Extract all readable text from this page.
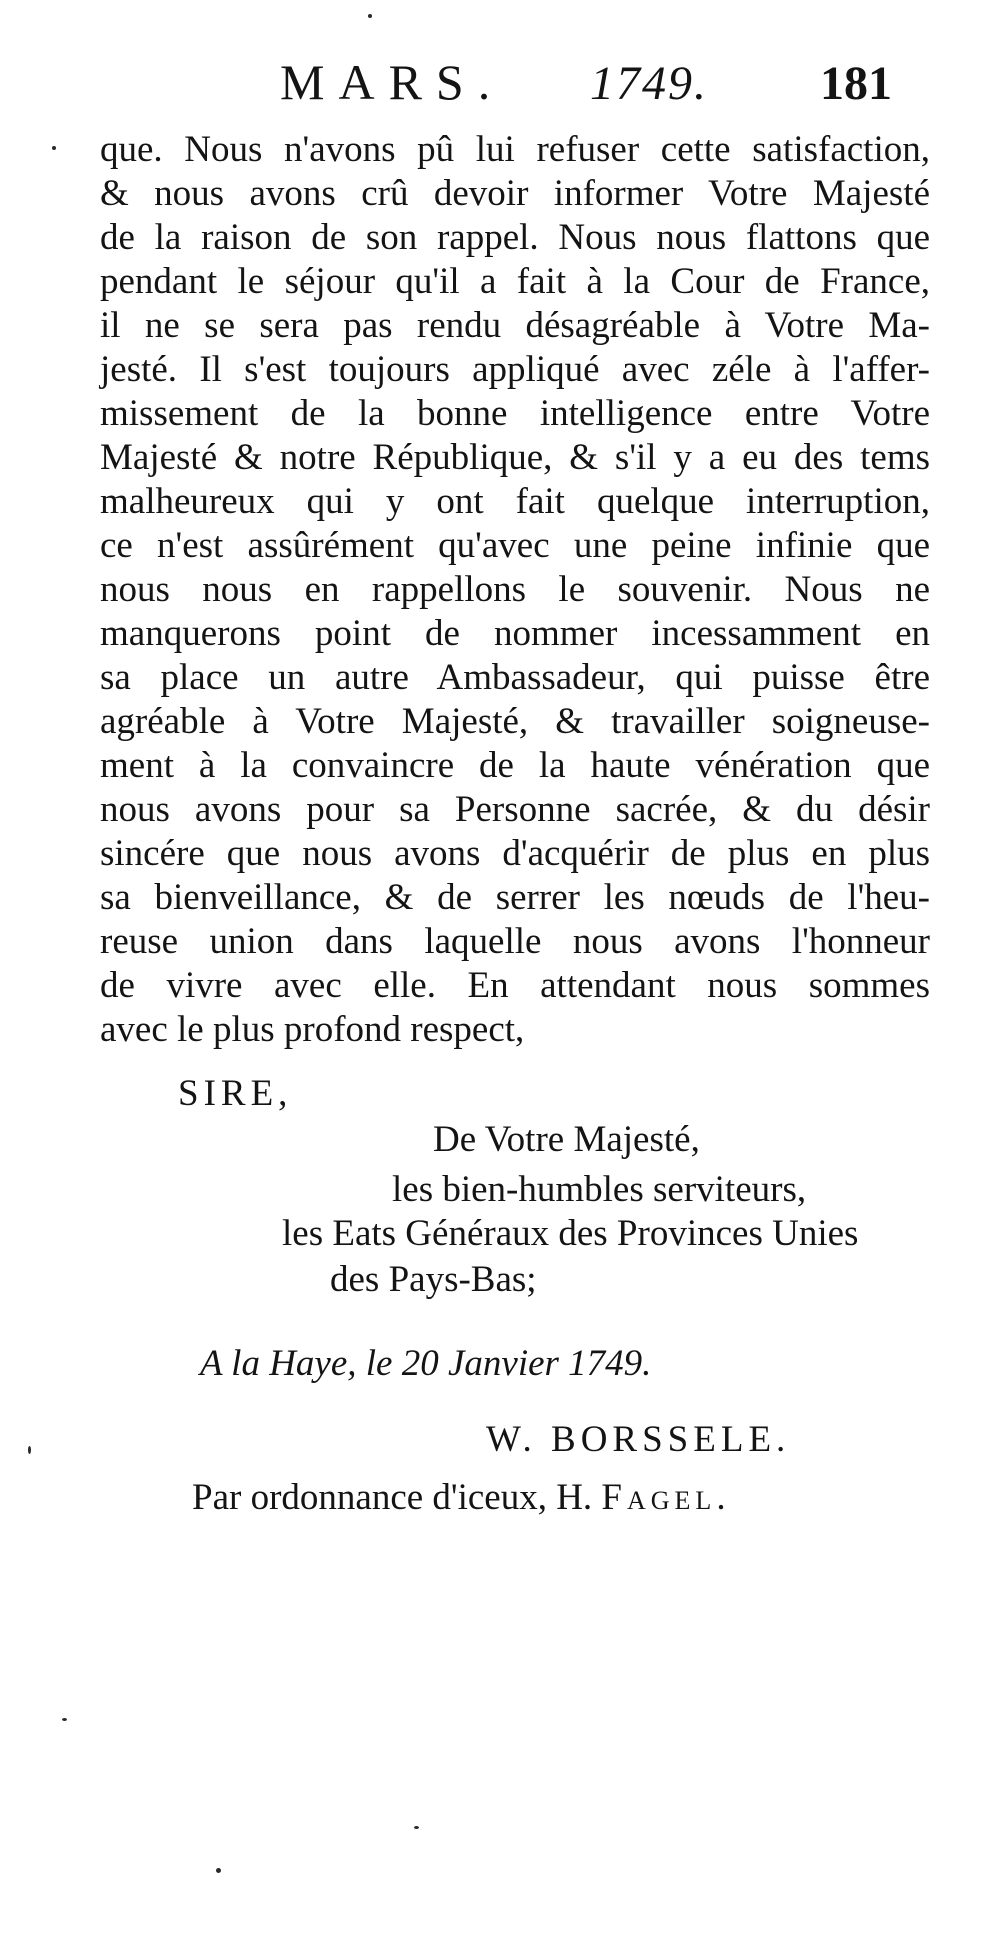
MARS. 1749. 181
que. Nous n'avons pû lui refuser cette satisfaction,
& nous avons crû devoir informer Votre Majesté
de la raison de son rappel. Nous nous flattons que
pendant le séjour qu'il a fait à la Cour de France,
il ne se sera pas rendu désagréable à Votre Ma-
jesté. Il s'est toujours appliqué avec zéle à l'affer-
missement de la bonne intelligence entre Votre
Majesté & notre République, & s'il y a eu des tems
malheureux qui y ont fait quelque interruption,
ce n'est assûrément qu'avec une peine infinie que
nous nous en rappellons le souvenir. Nous ne
manquerons point de nommer incessamment en
sa place un autre Ambassadeur, qui puisse être
agréable à Votre Majesté, & travailler soigneuse-
ment à la convaincre de la haute vénération que
nous avons pour sa Personne sacrée, & du désir
sincére que nous avons d'acquérir de plus en plus
sa bienveillance, & de serrer les nœuds de l'heu-
reuse union dans laquelle nous avons l'honneur
de vivre avec elle. En attendant nous sommes
avec le plus profond respect,
SIRE,
De Votre Majesté,
les bien-humbles serviteurs,
les Eats Généraux des Provinces Unies
des Pays-Bas;
A la Haye, le 20 Janvier 1749.
W. BORSSELE.
Par ordonnance d'iceux, H. Fagel.
